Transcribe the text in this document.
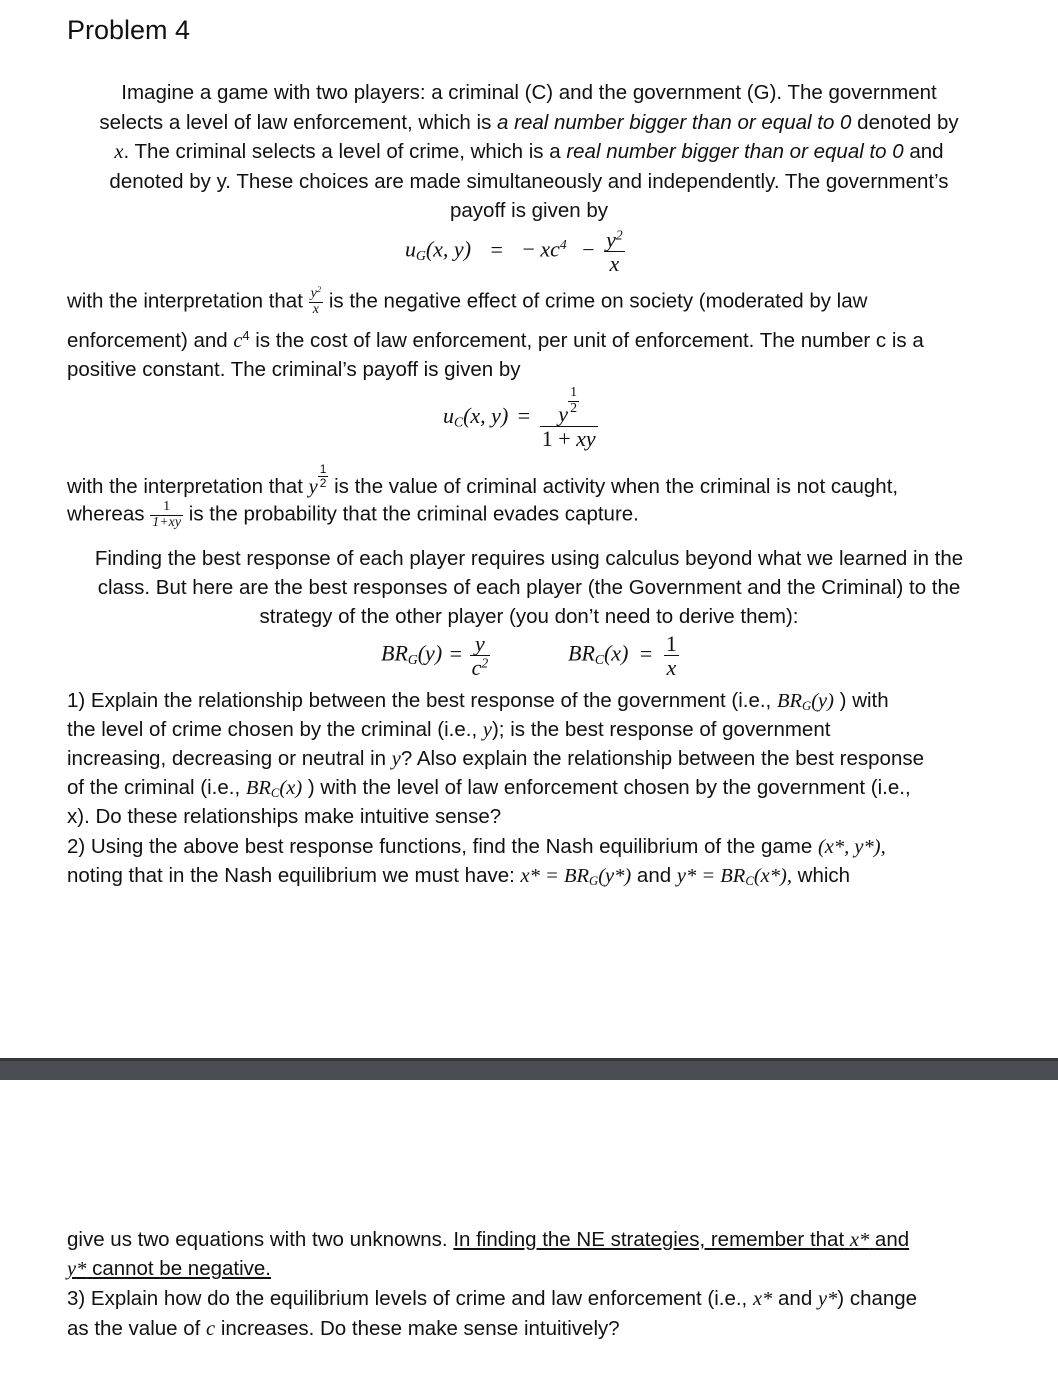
Problem 4
Imagine a game with two players: a criminal (C) and the government (G). The government
selects a level of law enforcement, which is a real number bigger than or equal to 0 denoted by
x. The criminal selects a level of crime, which is a real number bigger than or equal to 0 and
denoted by y. These choices are made simultaneously and independently. The government’s
payoff is given by
$u_G(x$, y) = − $xc^4 - \frac{y^2}{x}$
with the interpretation that $\frac{y^2}{x}$ is the negative effect of crime on society (moderated by law
enforcement) and $c^4$ is the cost of law enforcement, per unit of enforcement. The number c is a
positive constant. The criminal’s payoff is given by
$u_C(x$, $y) = \frac{y \frac{1}{2}}{1 + xy}$
with the interpretation that y $\frac{1}{2}$ is the value of criminal activity when the criminal is not caught,
whereas $\frac{1}{1+xy}$ is the probability that the criminal evades capture.
Finding the best response of each player requires using calculus beyond what we learned in the
class. But here are the best responses of each player (the Government and the Criminal) to the
strategy of the other player (you don’t need to derive them):
$BR_G(y) = \frac{y}{c^2}$	$BR_C(x) = \frac{1}{x}$
1) Explain the relationship between the best response of the government (i.e., $BR_G(y)$ ) with
the level of crime chosen by the criminal (i.e., y); is the best response of government
increasing, decreasing or neutral in y? Also explain the relationship between the best response
of the criminal (i.e., $BR_C(x)$ ) with the level of law enforcement chosen by the government (i.e.,
x). Do these relationships make intuitive sense?
2) Using the above best response functions, find the Nash equilibrium of the game (x*, y*),
noting that in the Nash equilibrium we must have: $x* = BR_G(y*)$ and $y* = BR_C(x*)$, which
give us two equations with two unknowns. In finding the NE strategies, remember that x* and
y* cannot be negative.
3) Explain how do the equilibrium levels of crime and law enforcement (i.e., x* and y*) change
as the value of c increases. Do these make sense intuitively?
